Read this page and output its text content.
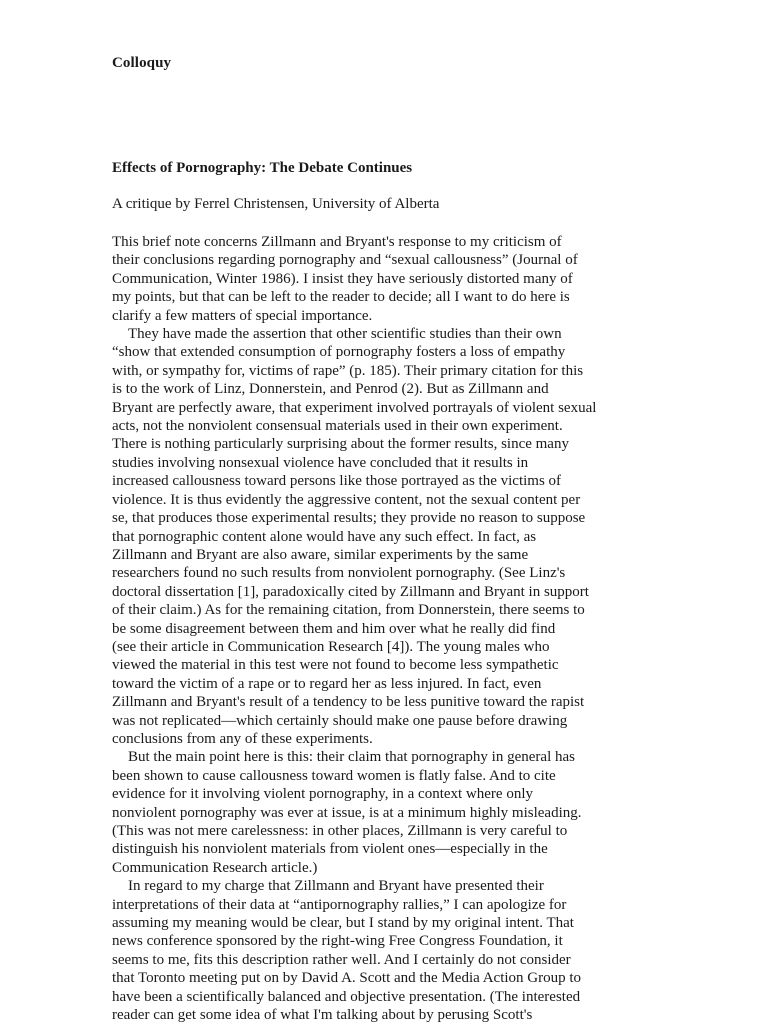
Colloquy
Effects of Pornography: The Debate Continues
A critique by Ferrel Christensen, University of Alberta
This brief note concerns Zillmann and Bryant's response to my criticism of
their conclusions regarding pornography and “sexual callousness” (Journal of
Communication, Winter 1986). I insist they have seriously distorted many of
my points, but that can be left to the reader to decide; all I want to do here is
clarify a few matters of special importance.
They have made the assertion that other scientific studies than their own
“show that extended consumption of pornography fosters a loss of empathy
with, or sympathy for, victims of rape” (p. 185). Their primary citation for this
is to the work of Linz, Donnerstein, and Penrod (2). But as Zillmann and
Bryant are perfectly aware, that experiment involved portrayals of violent sexual
acts, not the nonviolent consensual materials used in their own experiment.
There is nothing particularly surprising about the former results, since many
studies involving nonsexual violence have concluded that it results in
increased callousness toward persons like those portrayed as the victims of
violence. It is thus evidently the aggressive content, not the sexual content per
se, that produces those experimental results; they provide no reason to suppose
that pornographic content alone would have any such effect. In fact, as
Zillmann and Bryant are also aware, similar experiments by the same
researchers found no such results from nonviolent pornography. (See Linz's
doctoral dissertation [1], paradoxically cited by Zillmann and Bryant in support
of their claim.) As for the remaining citation, from Donnerstein, there seems to
be some disagreement between them and him over what he really did find
(see their article in Communication Research [4]). The young males who
viewed the material in this test were not found to become less sympathetic
toward the victim of a rape or to regard her as less injured. In fact, even
Zillmann and Bryant's result of a tendency to be less punitive toward the rapist
was not replicated—which certainly should make one pause before drawing
conclusions from any of these experiments.
But the main point here is this: their claim that pornography in general has
been shown to cause callousness toward women is flatly false. And to cite
evidence for it involving violent pornography, in a context where only
nonviolent pornography was ever at issue, is at a minimum highly misleading.
(This was not mere carelessness: in other places, Zillmann is very careful to
distinguish his nonviolent materials from violent ones—especially in the
Communication Research article.)
In regard to my charge that Zillmann and Bryant have presented their
interpretations of their data at “antipornography rallies,” I can apologize for
assuming my meaning would be clear, but I stand by my original intent. That
news conference sponsored by the right-wing Free Congress Foundation, it
seems to me, fits this description rather well. And I certainly do not consider
that Toronto meeting put on by David A. Scott and the Media Action Group to
have been a scientifically balanced and objective presentation. (The interested
reader can get some idea of what I'm talking about by perusing Scott's
